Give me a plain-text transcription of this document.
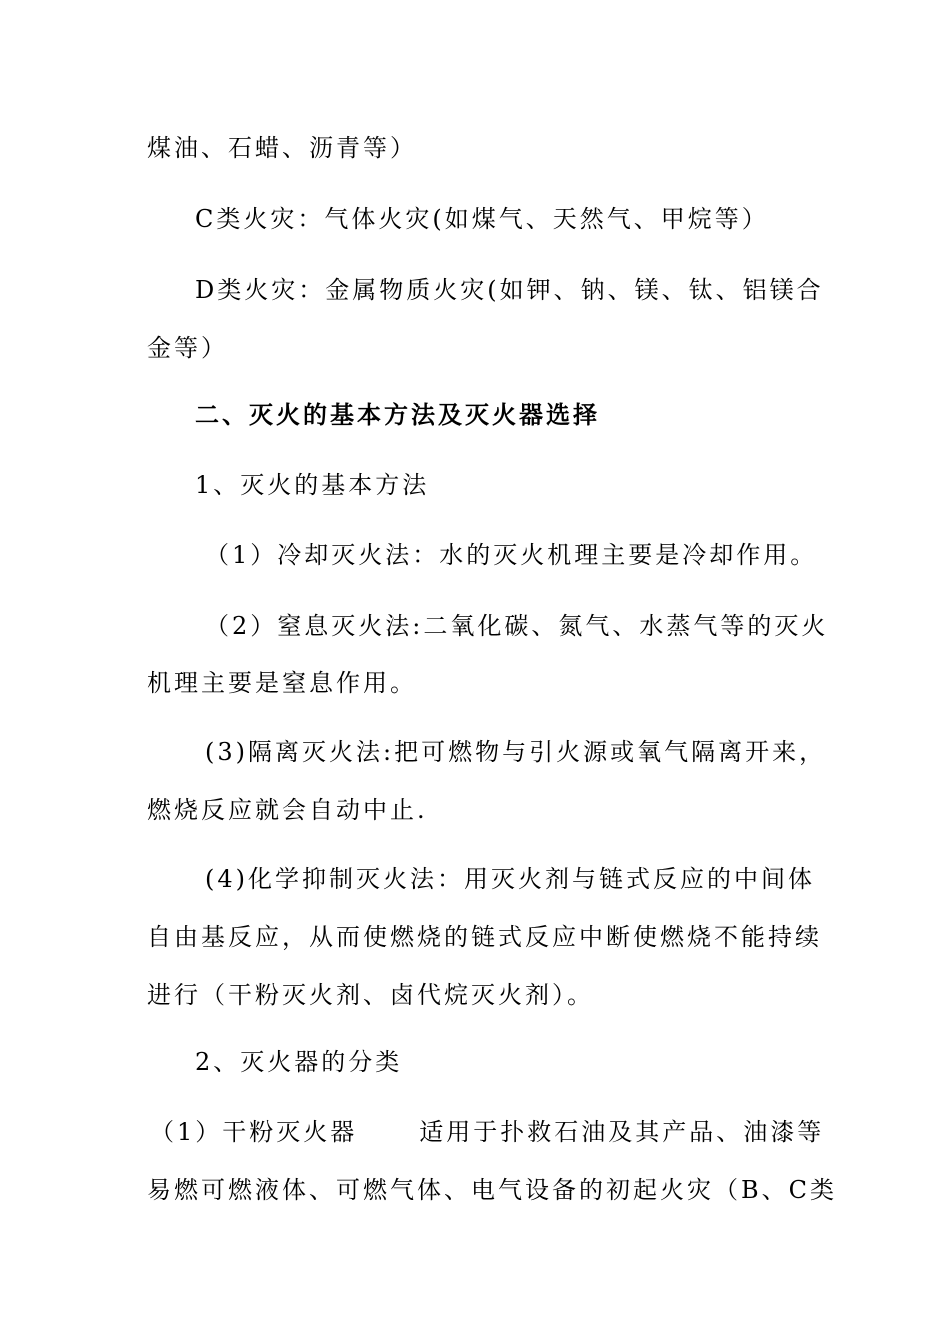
煤油、石蜡、沥青等）
C类火灾：气体火灾(如煤气、天然气、甲烷等）
D类火灾：金属物质火灾(如钾、钠、镁、钛、铝镁合
金等）
二、灭火的基本方法及灭火器选择
1、灭火的基本方法
（1）冷却灭火法：水的灭火机理主要是冷却作用。
（2）窒息灭火法:二氧化碳、氮气、水蒸气等的灭火
机理主要是窒息作用。
(3)隔离灭火法:把可燃物与引火源或氧气隔离开来，
燃烧反应就会自动中止.
(4)化学抑制灭火法：用灭火剂与链式反应的中间体
自由基反应，从而使燃烧的链式反应中断使燃烧不能持续
进行（干粉灭火剂、卤代烷灭火剂）。
2、灭火器的分类
（1）干粉灭火器	适用于扑救石油及其产品、油漆等
易燃可燃液体、可燃气体、电气设备的初起火灾（B、C类
